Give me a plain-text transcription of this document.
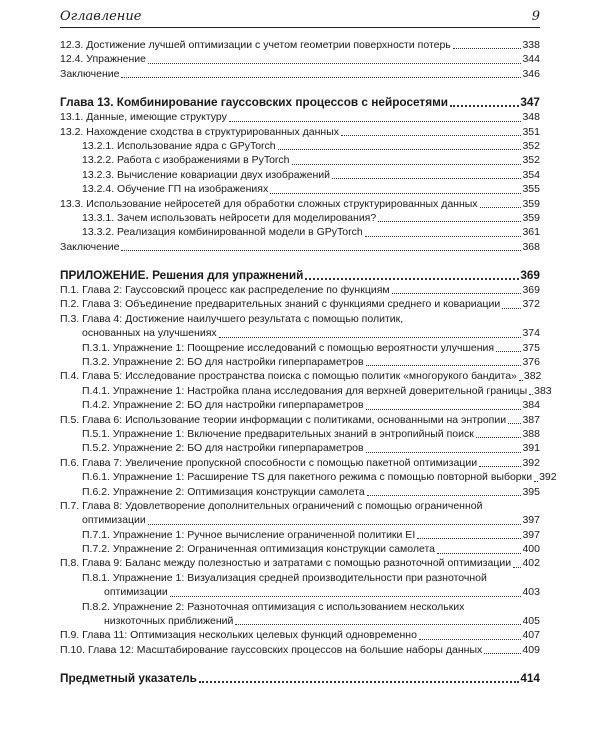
Оглавление	9
12.3. Достижение лучшей оптимизации с учетом геометрии поверхности потерь	338
12.4. Упражнение	344
Заключение	346
Глава 13. Комбинирование гауссовских процессов с нейросетями	347
13.1. Данные, имеющие структуру	348
13.2. Нахождение сходства в структурированных данных	351
13.2.1. Использование ядра с GPyTorch	352
13.2.2. Работа с изображениями в PyTorch	352
13.2.3. Вычисление ковариации двух изображений	354
13.2.4. Обучение ГП на изображениях	355
13.3. Использование нейросетей для обработки сложных структурированных данных	359
13.3.1. Зачем использовать нейросети для моделирования?	359
13.3.2. Реализация комбинированной модели в GPyTorch	361
Заключение	368
ПРИЛОЖЕНИЕ. Решения для упражнений	369
П.1. Глава 2: Гауссовский процесс как распределение по функциям	369
П.2. Глава 3: Объединение предварительных знаний с функциями среднего и ковариации 372
П.3. Глава 4: Достижение наилучшего результата с помощью политик,
основанных на улучшениях	374
П.3.1. Упражнение 1: Поощрение исследований с помощью вероятности улучшения	375
П.3.2. Упражнение 2: БО для настройки гиперпараметров	376
П.4. Глава 5: Исследование пространства поиска с помощью политик «многорукого бандита» 382
П.4.1. Упражнение 1: Настройка плана исследования для верхней доверительной границы 383
П.4.2. Упражнение 2: БО для настройки гиперпараметров	384
П.5. Глава 6: Использование теории информации с политиками, основанными на энтропии 387
П.5.1. Упражнение 1: Включение предварительных знаний в энтропийный поиск	388
П.5.2. Упражнение 2: БО для настройки гиперпараметров	391
П.6. Глава 7: Увеличение пропускной способности с помощью пакетной оптимизации	392
П.6.1. Упражнение 1: Расширение TS для пакетного режима с помощью повторной выборки 392
П.6.2. Упражнение 2: Оптимизация конструкции самолета	395
П.7. Глава 8: Удовлетворение дополнительных ограничений с помощью ограниченной
оптимизации	397
П.7.1. Упражнение 1: Ручное вычисление ограниченной политики EI	397
П.7.2. Упражнение 2: Ограниченная оптимизация конструкции самолета	400
П.8. Глава 9: Баланс между полезностью и затратами с помощью разноточной оптимизации 402
П.8.1. Упражнение 1: Визуализация средней производительности при разноточной
оптимизации	403
П.8.2. Упражнение 2: Разноточная оптимизация с использованием нескольких
низкоточных приближений	405
П.9. Глава 11: Оптимизация нескольких целевых функций одновременно	407
П.10. Глава 12: Масштабирование гауссовских процессов на большие наборы данных	409
Предметный указатель	414
